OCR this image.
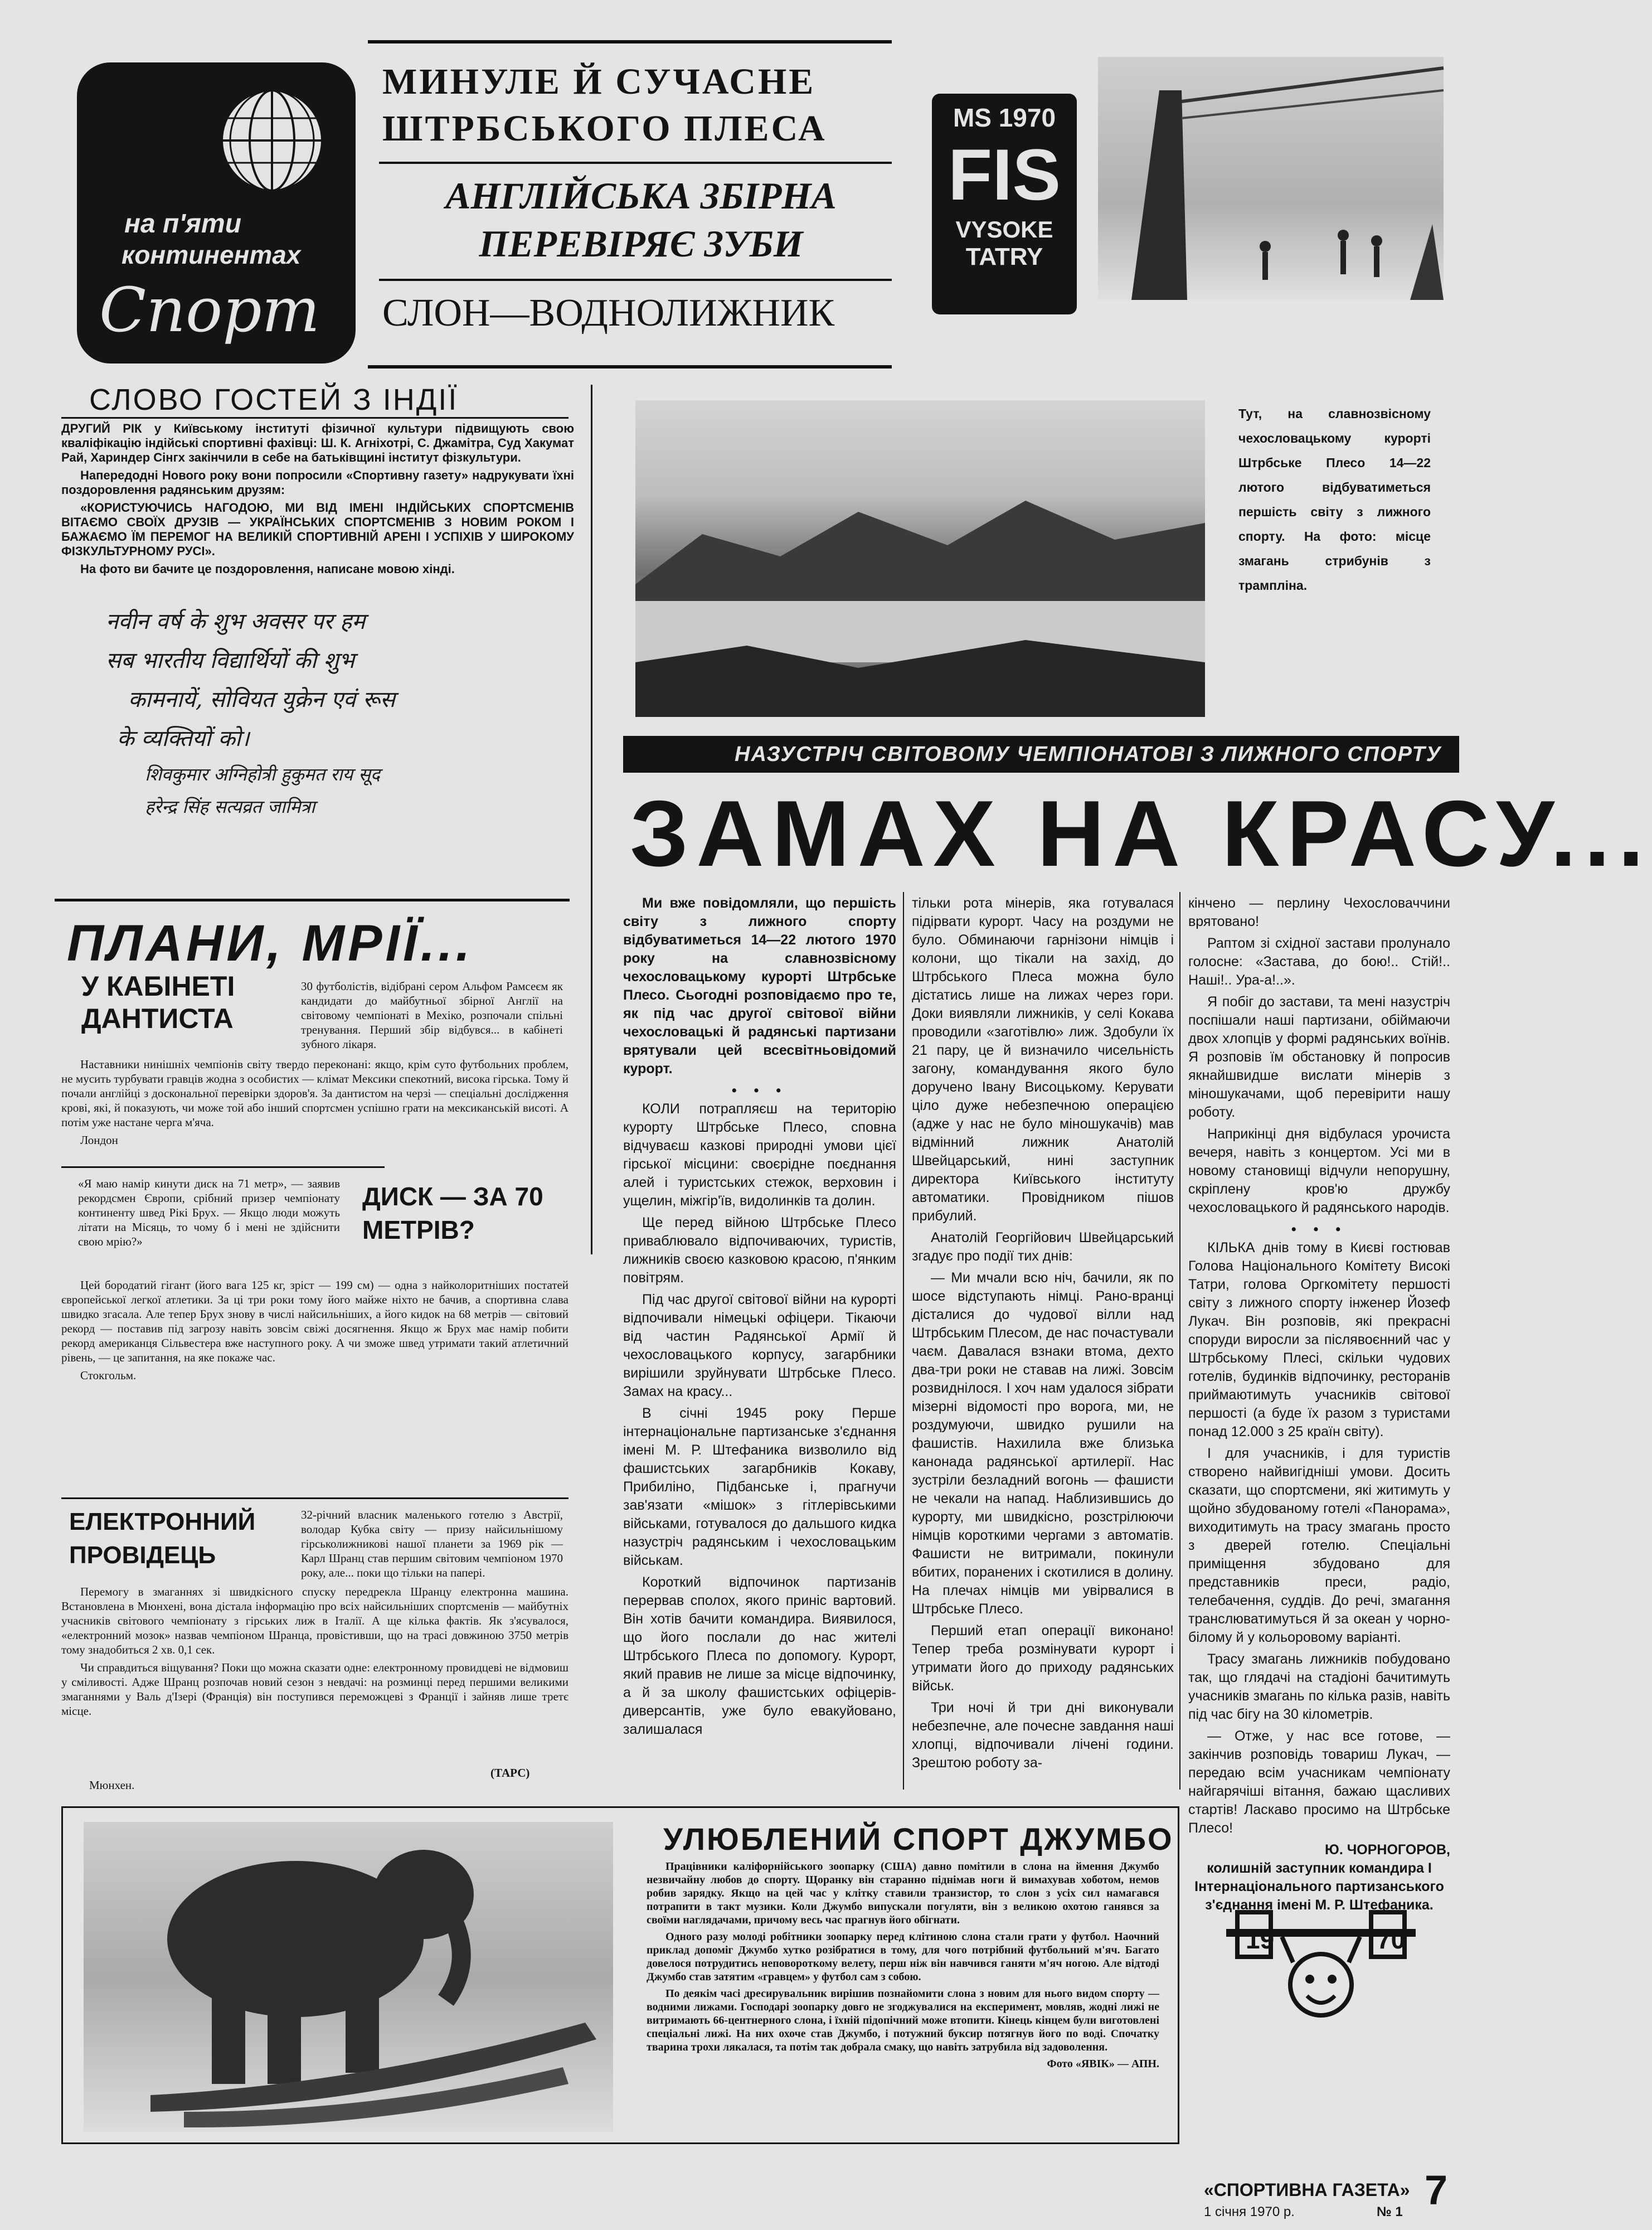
на п'яти
континентах
Спорт
МИНУЛЕ Й СУЧАСНЕ ШТРБСЬКОГО ПЛЕСА
АНГЛІЙСЬКА ЗБІРНА ПЕРЕВІРЯЄ ЗУБИ
СЛОН—ВОДНОЛИЖНИК
MS 1970
FIS
VYSOKE
TATRY
СЛОВО ГОСТЕЙ З ІНДІЇ

ДРУГИЙ РІК у Київському інституті фізичної культури підвищують свою кваліфікацію індійські спортивні фахівці: Ш. К. Агніхотрі, С. Джамітра, Суд Хакумат Рай, Хариндер Сінгх закінчили в себе на батьківщині інститут фізкультури.

Напередодні Нового року вони попросили «Спортивну газету» надрукувати їхні поздоровлення радянським друзям:

«КОРИСТУЮЧИСЬ НАГОДОЮ, МИ ВІД ІМЕНІ ІНДІЙСЬКИХ СПОРТСМЕНІВ ВІТАЄМО СВОЇХ ДРУЗІВ — УКРАЇНСЬКИХ СПОРТСМЕНІВ З НОВИМ РОКОМ І БАЖАЄМО ЇМ ПЕРЕМОГ НА ВЕЛИКІЙ СПОРТИВНІЙ АРЕНІ І УСПІХІВ У ШИРОКОМУ ФІЗКУЛЬТУРНОМУ РУСІ».

На фото ви бачите це поздоровлення, написане мовою хінді.

नवीन वर्ष के शुभ अवसर पर हम
सब भारतीय विद्यार्थियों की शुभ
कामनायें, सोवियत युक्रेन एवं रूस
के व्यक्तियों को।
शिवकुमार अग्निहोत्री हुकुमत राय सूद
हरेन्द्र सिंह सत्यव्रत जामित्रा
Тут, на славнозвісному чехословацькому курорті Штрбське Плесо 14—22 лютого відбуватиметься першість світу з лижного спорту. На фото: місце змагань стрибунів з трампліна.
НАЗУСТРІЧ СВІТОВОМУ ЧЕМПІОНАТОВІ З ЛИЖНОГО СПОРТУ
ЗАМАХ НА КРАСУ...

Ми вже повідомляли, що першість світу з лижного спорту відбуватиметься 14—22 лютого 1970 року на славнозвісному чехословацькому курорті Штрбське Плесо. Сьогодні розповідаємо про те, як під час другої світової війни чехословацькі й радянські партизани врятували цей всесвітньовідомий курорт.

• • •

КОЛИ потрапляєш на територію курорту Штрбське Плесо, сповна відчуваєш казкові природні умови цієї гірської місцини: своєрідне поєднання алей і туристських стежок, верховин і ущелин, міжгір'їв, видолинків та долин.

Ще перед війною Штрбське Плесо приваблювало відпочиваючих, туристів, лижників своєю казковою красою, п'янким повітрям.

Під час другої світової війни на курорті відпочивали німецькі офіцери. Тікаючи від частин Радянської Армії й чехословацького корпусу, загарбники вирішили зруйнувати Штрбське Плесо. Замах на красу...

В січні 1945 року Перше інтернаціональне партизанське з'єднання імені М. Р. Штефаника визволило від фашистських загарбників Кокаву, Прибиліно, Підбанське і, прагнучи зав'язати «мішок» з гітлерівськими військами, готувалося до дальшого кидка назустріч радянським і чехословацьким військам.

Короткий відпочинок партизанів перервав сполох, якого приніс вартовий. Він хотів бачити командира. Виявилося, що його послали до нас жителі Штрбського Плеса по допомогу. Курорт, який правив не лише за місце відпочинку, а й за школу фашистських офіцерів-диверсантів, уже було евакуйовано, залишалася

тільки рота мінерів, яка готувалася підірвати курорт. Часу на роздуми не було. Обминаючи гарнізони німців і колони, що тікали на захід, до Штрбського Плеса можна було дістатись лише на лижах через гори. Доки виявляли лижників, у селі Кокава проводили «заготівлю» лиж. Здобули їх 21 пару, це й визначило чисельність загону, командування якого було доручено Івану Висоцькому. Керувати ціло дуже небезпечною операцією (адже у нас не було міношукачів) мав відмінний лижник Анатолій Швейцарський, нині заступник директора Київського інституту автоматики. Провідником пішов прибулий.

Анатолій Георгійович Швейцарський згадує про події тих днів:

— Ми мчали всю ніч, бачили, як по шосе відступають німці. Рано-вранці дісталися до чудової вілли над Штрбським Плесом, де нас почастували чаєм. Давалася взнаки втома, дехто два-три роки не ставав на лижі. Зовсім розвиднілося. І хоч нам удалося зібрати мізерні відомості про ворога, ми, не роздумуючи, швидко рушили на фашистів. Нахилила вже близька канонада радянської артилерії. Нас зустріли безладний вогонь — фашисти не чекали на напад. Наблизившись до курорту, ми швидкісно, розстрілюючи німців короткими чергами з автоматів. Фашисти не витримали, покинули вбитих, поранених і скотилися в долину. На плечах німців ми увірвалися в Штрбське Плесо.

Перший етап операції виконано! Тепер треба розмінувати курорт і утримати його до приходу радянських військ.

Три ночі й три дні виконували небезпечне, але почесне завдання наші хлопці, відпочивали лічені години. Зрештою роботу за-

кінчено — перлину Чехословаччини врятовано!

Раптом зі східної застави пролунало голосне: «Застава, до бою!.. Стій!.. Наші!.. Ура-а!..».

Я побіг до застави, та мені назустріч поспішали наші партизани, обіймаючи двох хлопців у формі радянських воїнів. Я розповів їм обстановку й попросив якнайшвидше вислати мінерів з мінoшукачами, щоб перевірити нашу роботу.

Наприкінці дня відбулася урочиста вечеря, навіть з концертом. Усі ми в новому становищі відчули непорушну, скріплену кров'ю дружбу чехословацького й радянського народів.

• • •

КІЛЬКА днів тому в Києві гостював Голова Національного Комітету Високі Татри, голова Оргкомітету першості світу з лижного спорту інженер Йозеф Лукач. Він розповів, які прекрасні споруди виросли за післявоєнний час у Штрбському Плесі, скільки чудових готелів, будинків відпочинку, ресторанів приймаютимуть учасників світової першості (а буде їх разом з туристами понад 12.000 з 25 країн світу).

І для учасників, і для туристів створено найвигідніші умови. Досить сказати, що спортсмени, які житимуть у щойно збудованому готелі «Панорама», виходитимуть на трасу змагань просто з дверей готелю. Спеціальні приміщення збудовано для представників преси, радіо, телебачення, суддів. До речі, змагання транслюватимуться й за океан у чорно-білому й у кольоровому варіанті.

Трасу змагань лижників побудовано так, що глядачі на стадіоні бачитимуть учасників змагань по кілька разів, навіть під час бігу на 30 кілометрів.

— Отже, у нас все готове, — закінчив розповідь товариш Лукач, — передаю всім учасникам чемпіонату найгарячіші вітання, бажаю щасливих стартів! Ласкаво просимо на Штрбське Плесо!

Ю. ЧОРНОГОРОВ,
колишній заступник командира І Інтернаціонального партизанського з'єднання імені М. Р. Штефаника.
ПЛАНИ, МРІЇ...
У КАБІНЕТІ ДАНТИСТА
30 футболістів, відібрані сером Альфом Рамсеєм як кандидати до майбутньої збірної Англії на світовому чемпіонаті в Мехіко, розпочали спільні тренування. Перший збір відбувся... в кабінеті зубного лікаря.

Наставники нинішніх чемпіонів світу твердо переконані: якщо, крім суто футбольних проблем, не мусить турбувати гравців жодна з особистих — клімат Мексики спекотний, висока гірська. Тому й почали англійці з доскональної перевірки здоров'я. За дантистом на черзі — спеціальні дослідження крові, які, й показують, чи може той або інший спортсмен успішно грати на мексиканській висоті. А потім уже настане черга м'яча.

Лондон

«Я маю намір кинути диск на 71 метр», — заявив рекордсмен Європи, срібний призер чемпіонату континенту швед Рікі Брух. — Якщо люди можуть літати на Місяць, то чому б і мені не здійснити свою мрію?»
ДИСК — ЗА 70 МЕТРІВ?

Цей бородатий гігант (його вага 125 кг, зріст — 199 см) — одна з найколоритніших постатей європейської легкої атлетики. За ці три роки тому його майже ніхто не бачив, а спортивна слава швидко згасала. Але тепер Брух знову в числі найсильніших, а його кидок на 68 метрів — світовий рекорд — поставив під загрозу навіть зовсім свіжі досягнення. Якщо ж Брух має намір побити рекорд американця Сільвестера вже наступного року. А чи зможе швед утримати такий атлетичний рівень, — це запитання, на яке покаже час.

Стокгольм.

ЕЛЕКТРОННИЙ ПРОВІДЕЦЬ
32-річний власник маленького готелю з Австрії, володар Кубка світу — призу найсильнішому гірськолижникові нашої планети за 1969 рік — Карл Шранц став першим світовим чемпіоном 1970 року, але... поки що тільки на папері.

Перемогу в змаганнях зі швидкісного спуску передрекла Шранцу електронна машина. Встановлена в Мюнхені, вона дістала інформацію про всіх найсильніших спортсменів — майбутніх учасників світового чемпіонату з гірських лиж в Італії. А ще кілька фактів. Як з'ясувалося, «електронний мозок» назвав чемпіоном Шранца, провістивши, що на трасі довжиною 3750 метрів тому знадобиться 2 хв. 0,1 сек.

Чи справдиться віщування? Поки що можна сказати одне: електронному провидцеві не відмовиш у сміливості. Адже Шранц розпочав новий сезон з невдачі: на розминці перед першими великими змаганнями у Валь д'Ізері (Франція) він поступився переможцеві з Франції і зайняв лише третє місце.

(ТАРС)
Мюнхен.
УЛЮБЛЕНИЙ СПОРТ ДЖУМБО

Працівники каліфорнійського зоопарку (США) давно помітили в слона на ймення Джумбо незвичайну любов до спорту. Щоранку він старанно піднімав ноги й вимахував хоботом, немов робив зарядку. Якщо на цей час у клітку ставили транзистор, то слон з усіх сил намагався потрапити в такт музики. Коли Джумбо випускали погуляти, він з великою охотою ганявся за своїми наглядачами, причому весь час прагнув його обігнати.

Одного разу молоді робітники зоопарку перед клітиною слона стали грати у футбол. Наочний приклад допоміг Джумбо хутко розібратися в тому, для чого потрібний футбольний м'яч. Багато довелося потрудитись неповороткому велету, перш ніж він навчився ганяти м'яч ногою. Але відтоді Джумбо став затятим «гравцем» у футбол сам з собою.

По деякім часі дресирувальник вирішив познайомити слона з новим для нього видом спорту — водними лижами. Господарі зоопарку довго не згоджувалися на експеримент, мовляв, жодні лижі не витримають 66-центнерного слона, і їхній підопічний може втопити. Кінець кінцем були виготовлені спеціальні лижі. На них охоче став Джумбо, і потужний буксир потягнув його по воді. Спочатку тварина трохи лякалася, та потім так добрала смаку, що навіть затрубила від задоволення.

Фото «ЯВІК» — АПН.
19	70
«СПОРТИВНА ГАЗЕТА» 7
1 січня 1970 р.	№ 1
